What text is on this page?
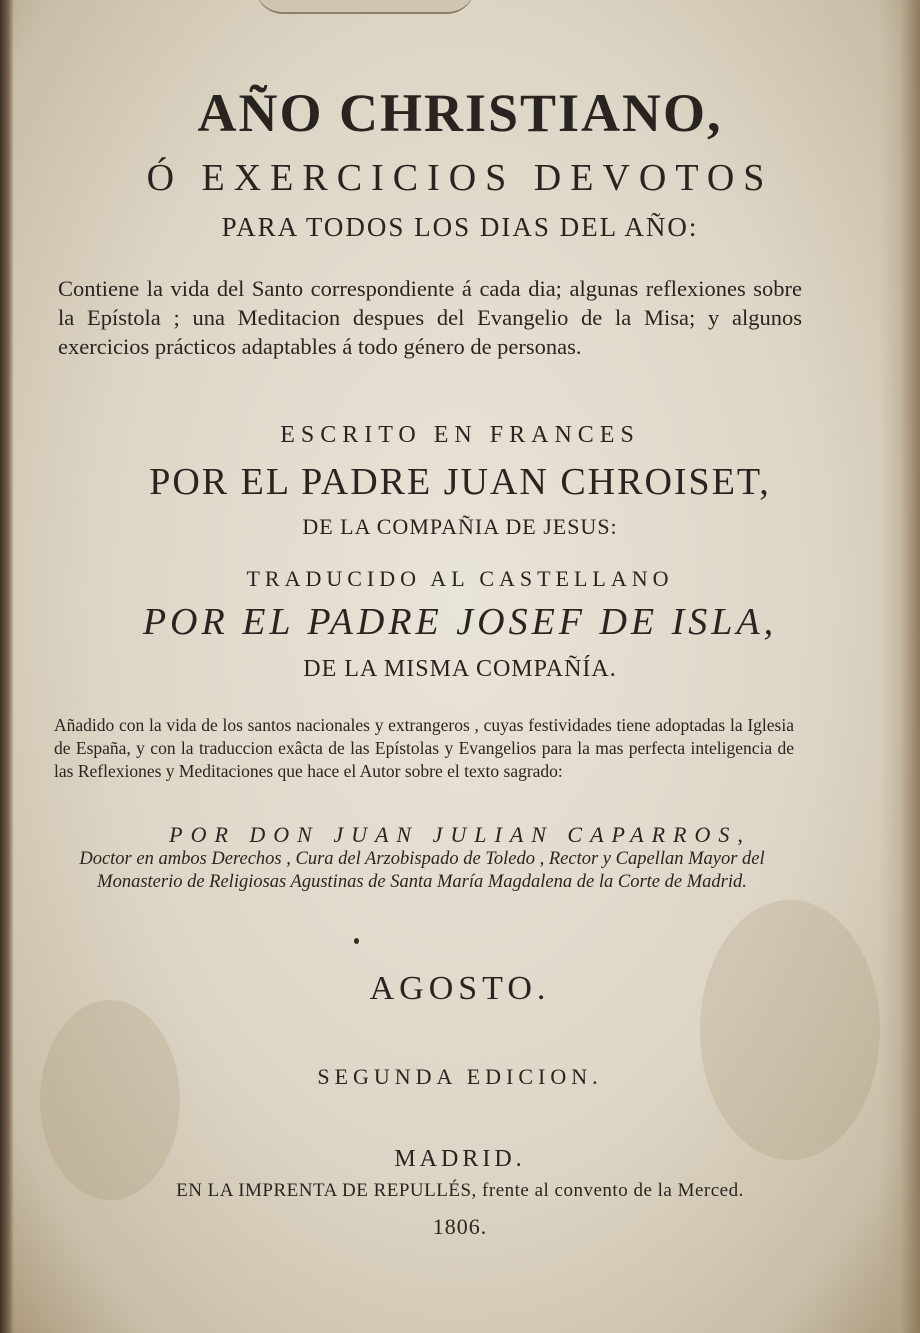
AÑO CHRISTIANO,
Ó EXERCICIOS DEVOTOS
PARA TODOS LOS DIAS DEL AÑO:
Contiene la vida del Santo correspondiente á cada dia; algunas reflexiones sobre la Epístola ; una Meditacion despues del Evangelio de la Misa; y algunos exercicios prácticos adaptables á todo género de personas.
ESCRITO EN FRANCES
POR EL PADRE JUAN CHROISET,
DE LA COMPAÑIA DE JESUS:
TRADUCIDO AL CASTELLANO
POR EL PADRE JOSEF DE ISLA,
DE LA MISMA COMPAÑÍA.
Añadido con la vida de los santos nacionales y extrangeros , cuyas festividades tiene adoptadas la Iglesia de España, y con la traduccion exâcta de las Epístolas y Evangelios para la mas perfecta inteligencia de las Reflexiones y Meditaciones que hace el Autor sobre el texto sagrado:
POR DON JUAN JULIAN CAPARROS,
Doctor en ambos Derechos , Cura del Arzobispado de Toledo , Rector y Capellan Mayor del Monasterio de Religiosas Agustinas de Santa María Magdalena de la Corte de Madrid.
AGOSTO.
SEGUNDA EDICION.
MADRID.
EN LA IMPRENTA DE REPULLÉS, frente al convento de la Merced.
1806.
